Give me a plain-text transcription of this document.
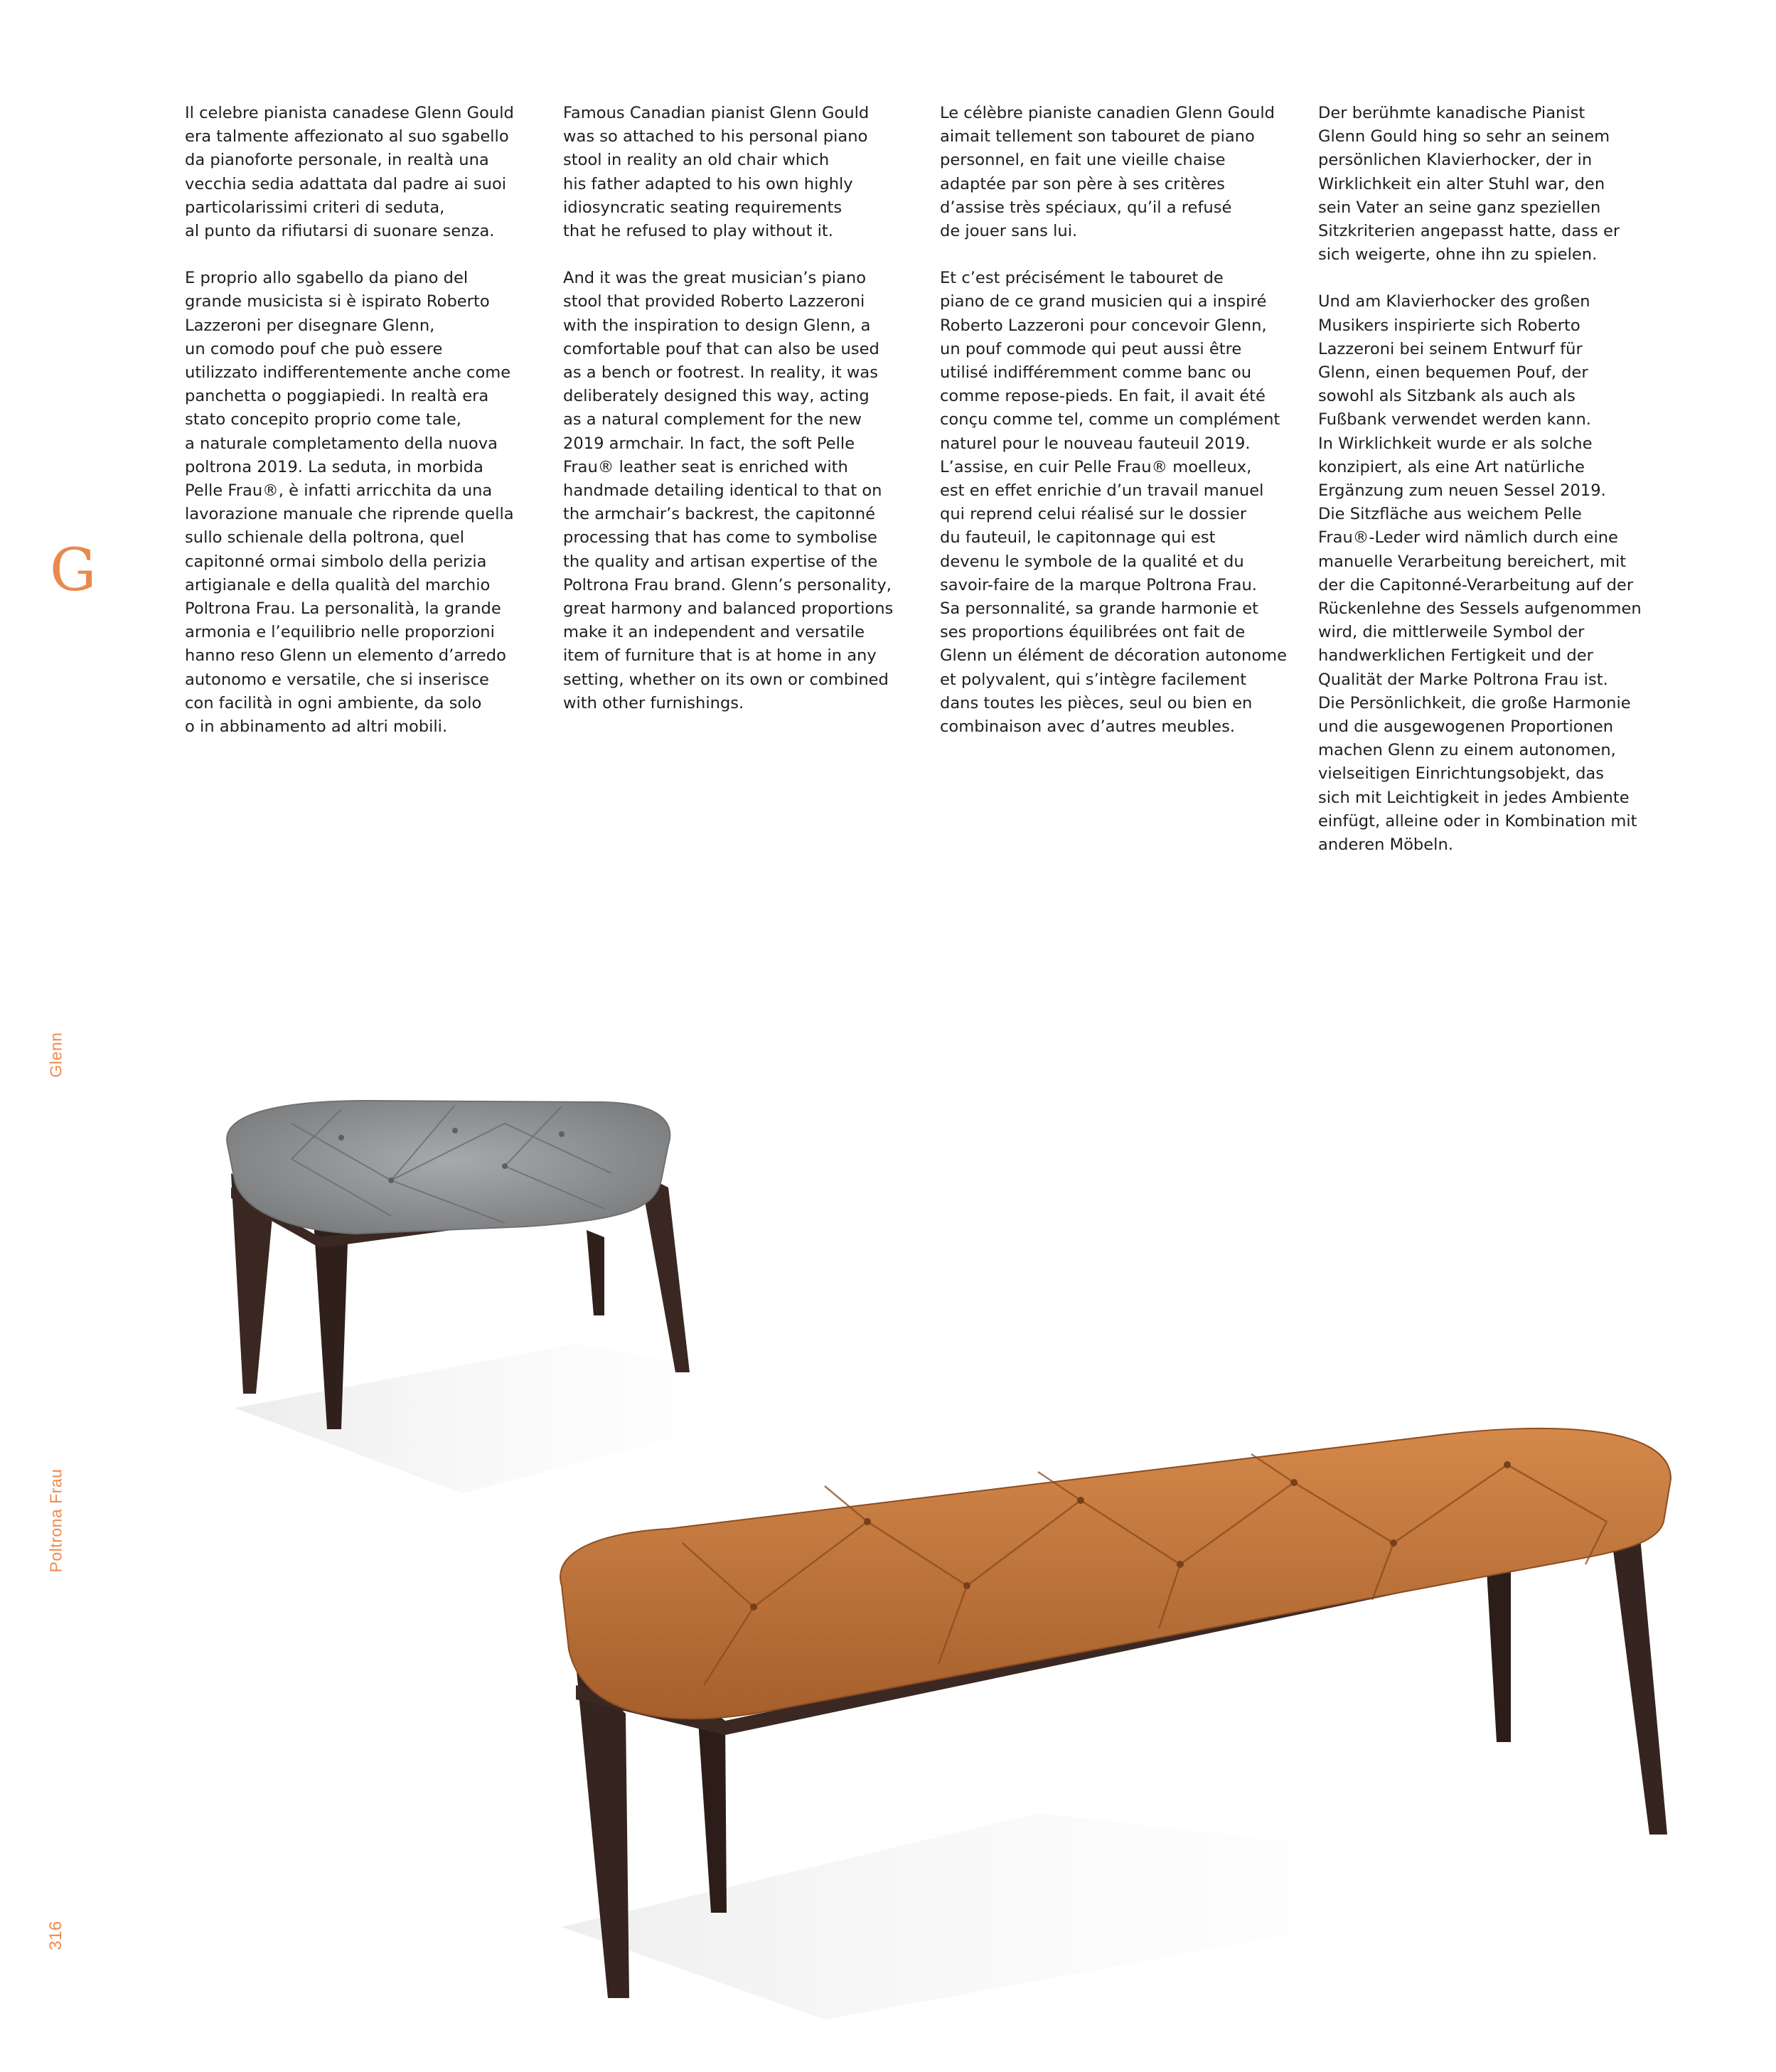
Il celebre pianista canadese Glenn Gould
era talmente affezionato al suo sgabello
da pianoforte personale, in realtà una
vecchia sedia adattata dal padre ai suoi
particolarissimi criteri di seduta,
al punto da rifiutarsi di suonare senza.

E proprio allo sgabello da piano del
grande musicista si è ispirato Roberto
Lazzeroni per disegnare Glenn,
un comodo pouf che può essere
utilizzato indifferentemente anche come
panchetta o poggiapiedi. In realtà era
stato concepito proprio come tale,
a naturale completamento della nuova
poltrona 2019. La seduta, in morbida
Pelle Frau®, è infatti arricchita da una
lavorazione manuale che riprende quella
sullo schienale della poltrona, quel
capitonné ormai simbolo della perizia
artigianale e della qualità del marchio
Poltrona Frau. La personalità, la grande
armonia e l’equilibrio nelle proporzioni
hanno reso Glenn un elemento d’arredo
autonomo e versatile, che si inserisce
con facilità in ogni ambiente, da solo
o in abbinamento ad altri mobili.

Famous Canadian pianist Glenn Gould
was so attached to his personal piano
stool in reality an old chair which
his father adapted to his own highly
idiosyncratic seating requirements
that he refused to play without it.

And it was the great musician’s piano
stool that provided Roberto Lazzeroni
with the inspiration to design Glenn, a
comfortable pouf that can also be used
as a bench or footrest. In reality, it was
deliberately designed this way, acting
as a natural complement for the new
2019 armchair. In fact, the soft Pelle
Frau® leather seat is enriched with
handmade detailing identical to that on
the armchair’s backrest, the capitonné
processing that has come to symbolise
the quality and artisan expertise of the
Poltrona Frau brand. Glenn’s personality,
great harmony and balanced proportions
make it an independent and versatile
item of furniture that is at home in any
setting, whether on its own or combined
with other furnishings.

Le célèbre pianiste canadien Glenn Gould
aimait tellement son tabouret de piano
personnel, en fait une vieille chaise
adaptée par son père à ses critères
d’assise très spéciaux, qu’il a refusé
de jouer sans lui.

Et c’est précisément le tabouret de
piano de ce grand musicien qui a inspiré
Roberto Lazzeroni pour concevoir Glenn,
un pouf commode qui peut aussi être
utilisé indifféremment comme banc ou
comme repose-pieds. En fait, il avait été
conçu comme tel, comme un complément
naturel pour le nouveau fauteuil 2019.
L’assise, en cuir Pelle Frau® moelleux,
est en effet enrichie d’un travail manuel
qui reprend celui réalisé sur le dossier
du fauteuil, le capitonnage qui est
devenu le symbole de la qualité et du
savoir-faire de la marque Poltrona Frau.
Sa personnalité, sa grande harmonie et
ses proportions équilibrées ont fait de
Glenn un élément de décoration autonome
et polyvalent, qui s’intègre facilement
dans toutes les pièces, seul ou bien en
combinaison avec d’autres meubles.

Der berühmte kanadische Pianist
Glenn Gould hing so sehr an seinem
persönlichen Klavierhocker, der in
Wirklichkeit ein alter Stuhl war, den
sein Vater an seine ganz speziellen
Sitzkriterien angepasst hatte, dass er
sich weigerte, ohne ihn zu spielen.

Und am Klavierhocker des großen
Musikers inspirierte sich Roberto
Lazzeroni bei seinem Entwurf für
Glenn, einen bequemen Pouf, der
sowohl als Sitzbank als auch als
Fußbank verwendet werden kann.
In Wirklichkeit wurde er als solche
konzipiert, als eine Art natürliche
Ergänzung zum neuen Sessel 2019.
Die Sitzfläche aus weichem Pelle
Frau®-Leder wird nämlich durch eine
manuelle Verarbeitung bereichert, mit
der die Capitonné-Verarbeitung auf der
Rückenlehne des Sessels aufgenommen
wird, die mittlerweile Symbol der
handwerklichen Fertigkeit und der
Qualität der Marke Poltrona Frau ist.
Die Persönlichkeit, die große Harmonie
und die ausgewogenen Proportionen
machen Glenn zu einem autonomen,
vielseitigen Einrichtungsobjekt, das
sich mit Leichtigkeit in jedes Ambiente
einfügt, alleine oder in Kombination mit
anderen Möbeln.

G
Glenn
Poltrona Frau
316
